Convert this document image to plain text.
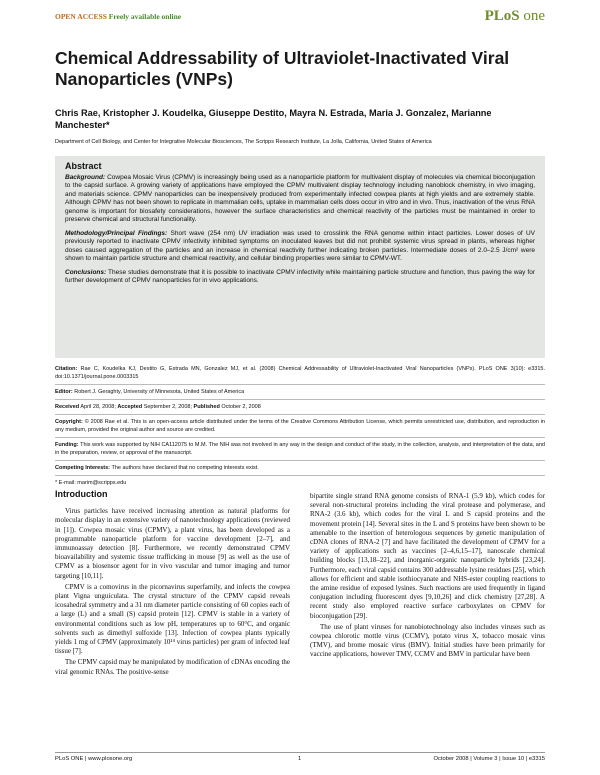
OPEN ACCESS Freely available online	PLoS one
Chemical Addressability of Ultraviolet-Inactivated Viral Nanoparticles (VNPs)
Chris Rae, Kristopher J. Koudelka, Giuseppe Destito, Mayra N. Estrada, Maria J. Gonzalez, Marianne Manchester*
Department of Cell Biology, and Center for Integrative Molecular Biosciences, The Scripps Research Institute, La Jolla, California, United States of America
Abstract

Background: Cowpea Mosaic Virus (CPMV) is increasingly being used as a nanoparticle platform for multivalent display of molecules via chemical bioconjugation to the capsid surface. A growing variety of applications have employed the CPMV multivalent display technology including nanoblock chemistry, in vivo imaging, and materials science. CPMV nanoparticles can be inexpensively produced from experimentally infected cowpea plants at high yields and are extremely stable. Although CPMV has not been shown to replicate in mammalian cells, uptake in mammalian cells does occur in vitro and in vivo. Thus, inactivation of the virus RNA genome is important for biosafety considerations, however the surface characteristics and chemical reactivity of the particles must be maintained in order to preserve chemical and structural functionality.

Methodology/Principal Findings: Short wave (254 nm) UV irradiation was used to crosslink the RNA genome within intact particles. Lower doses of UV previously reported to inactivate CPMV infectivity inhibited symptoms on inoculated leaves but did not prohibit systemic virus spread in plants, whereas higher doses caused aggregation of the particles and an increase in chemical reactivity further indicating broken particles. Intermediate doses of 2.0–2.5 J/cm² were shown to maintain particle structure and chemical reactivity, and cellular binding properties were similar to CPMV-WT.

Conclusions: These studies demonstrate that it is possible to inactivate CPMV infectivity while maintaining particle structure and function, thus paving the way for further development of CPMV nanoparticles for in vivo applications.

Citation: Rae C, Koudelka KJ, Destito G, Estrada MN, Gonzalez MJ, et al. (2008) Chemical Addressability of Ultraviolet-Inactivated Viral Nanoparticles (VNPs). PLoS ONE 3(10): e3315. doi:10.1371/journal.pone.0003315

Editor: Robert J. Geraghty, University of Minnesota, United States of America

Received April 28, 2008; Accepted September 2, 2008; Published October 2, 2008

Copyright: © 2008 Rae et al. This is an open-access article distributed under the terms of the Creative Commons Attribution License, which permits unrestricted use, distribution, and reproduction in any medium, provided the original author and source are credited.

Funding: This work was supported by NIH CA112075 to M.M. The NIH was not involved in any way in the design and conduct of the study, in the collection, analysis, and interpretation of the data, and in the preparation, review, or approval of the manuscript.

Competing Interests: The authors have declared that no competing interests exist.

* E-mail: marim@scripps.edu

Introduction

Virus particles have received increasing attention as natural platforms for molecular display in an extensive variety of nanotechnology applications (reviewed in [1]). Cowpea mosaic virus (CPMV), a plant virus, has been developed as a programmable nanoparticle platform for vaccine development [2–7], and immunoassay detection [8]. Furthermore, we recently demonstrated CPMV bioavailability and systemic tissue trafficking in mouse [9] as well as the use of CPMV as a biosensor agent for in vivo vascular and tumor imaging and tumor targeting [10,11].

CPMV is a comovirus in the picornavirus superfamily, and infects the cowpea plant Vigna unguiculata. The crystal structure of the CPMV capsid reveals icosahedral symmetry and a 31 nm diameter particle consisting of 60 copies each of a large (L) and a small (S) capsid protein [12]. CPMV is stable in a variety of environmental conditions such as low pH, temperatures up to 60°C, and organic solvents such as dimethyl sulfoxide [13]. Infection of cowpea plants typically yields 1 mg of CPMV (approximately 10¹⁴ virus particles) per gram of infected leaf tissue [7].

The CPMV capsid may be manipulated by modification of cDNAs encoding the viral genomic RNAs. The positive-sense

bipartite single strand RNA genome consists of RNA-1 (5.9 kb), which codes for several non-structural proteins including the viral protease and polymerase, and RNA-2 (3.6 kb), which codes for the viral L and S capsid proteins and the movement protein [14]. Several sites in the L and S proteins have been shown to be amenable to the insertion of heterologous sequences by genetic manipulation of cDNA clones of RNA-2 [7] and have facilitated the development of CPMV for a variety of applications such as vaccines [2–4,6,15–17], nanoscale chemical building blocks [13,18–22], and inorganic-organic nanoparticle hybrids [23,24]. Furthermore, each viral capsid contains 300 addressable lysine residues [25], which allows for efficient and stable isothiocyanate and NHS-ester coupling reactions to the amine residue of exposed lysines. Such reactions are used frequently in ligand conjugation including fluorescent dyes [9,10,26] and click chemistry [27,28]. A recent study also employed reactive surface carboxylates on CPMV for bioconjugation [29].

The use of plant viruses for nanobiotechnology also includes viruses such as cowpea chlorotic mottle virus (CCMV), potato virus X, tobacco mosaic virus (TMV), and brome mosaic virus (BMV). Initial studies have been primarily for vaccine applications, however TMV, CCMV and BMV in particular have been

PLoS ONE | www.plosone.org	1	October 2008 | Volume 3 | Issue 10 | e3315
